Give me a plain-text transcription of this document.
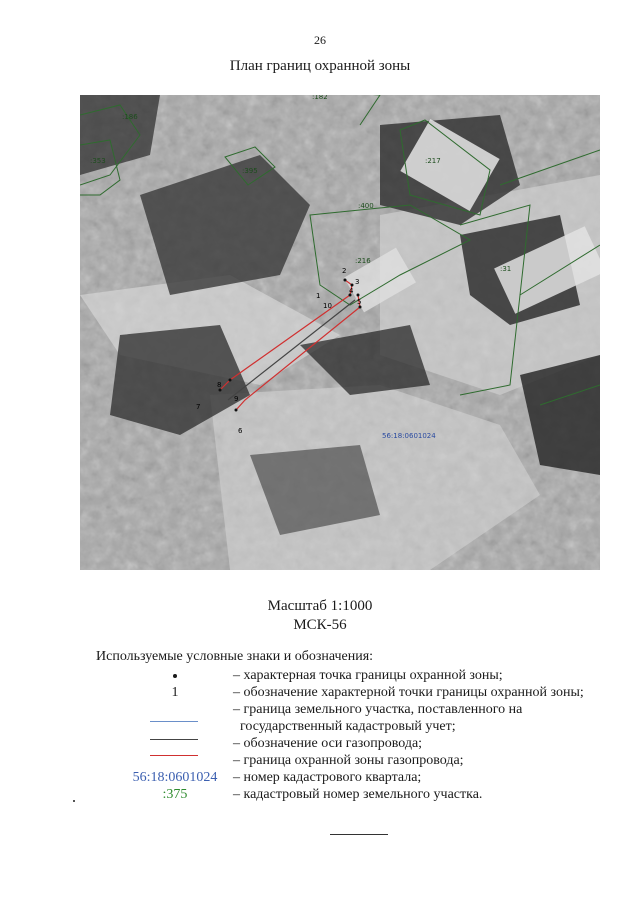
26
План границ охранной зоны
1
2
3
4
5
10
6
7
8
9
:186
:353
:395
:217
:400
:216
:31
:182
56:18:0601024
Масштаб 1:1000
МСК-56
Используемые условные знаки и обозначения:
– характерная точка границы охранной зоны;
1	– обозначение характерной точки границы охранной зоны;
– граница земельного участка, поставленного на
государственный кадастровый учет;
– обозначение оси газопровода;
– граница охранной зоны газопровода;
56:18:0601024	– номер кадастрового квартала;
:375	– кадастровый номер земельного участка.
